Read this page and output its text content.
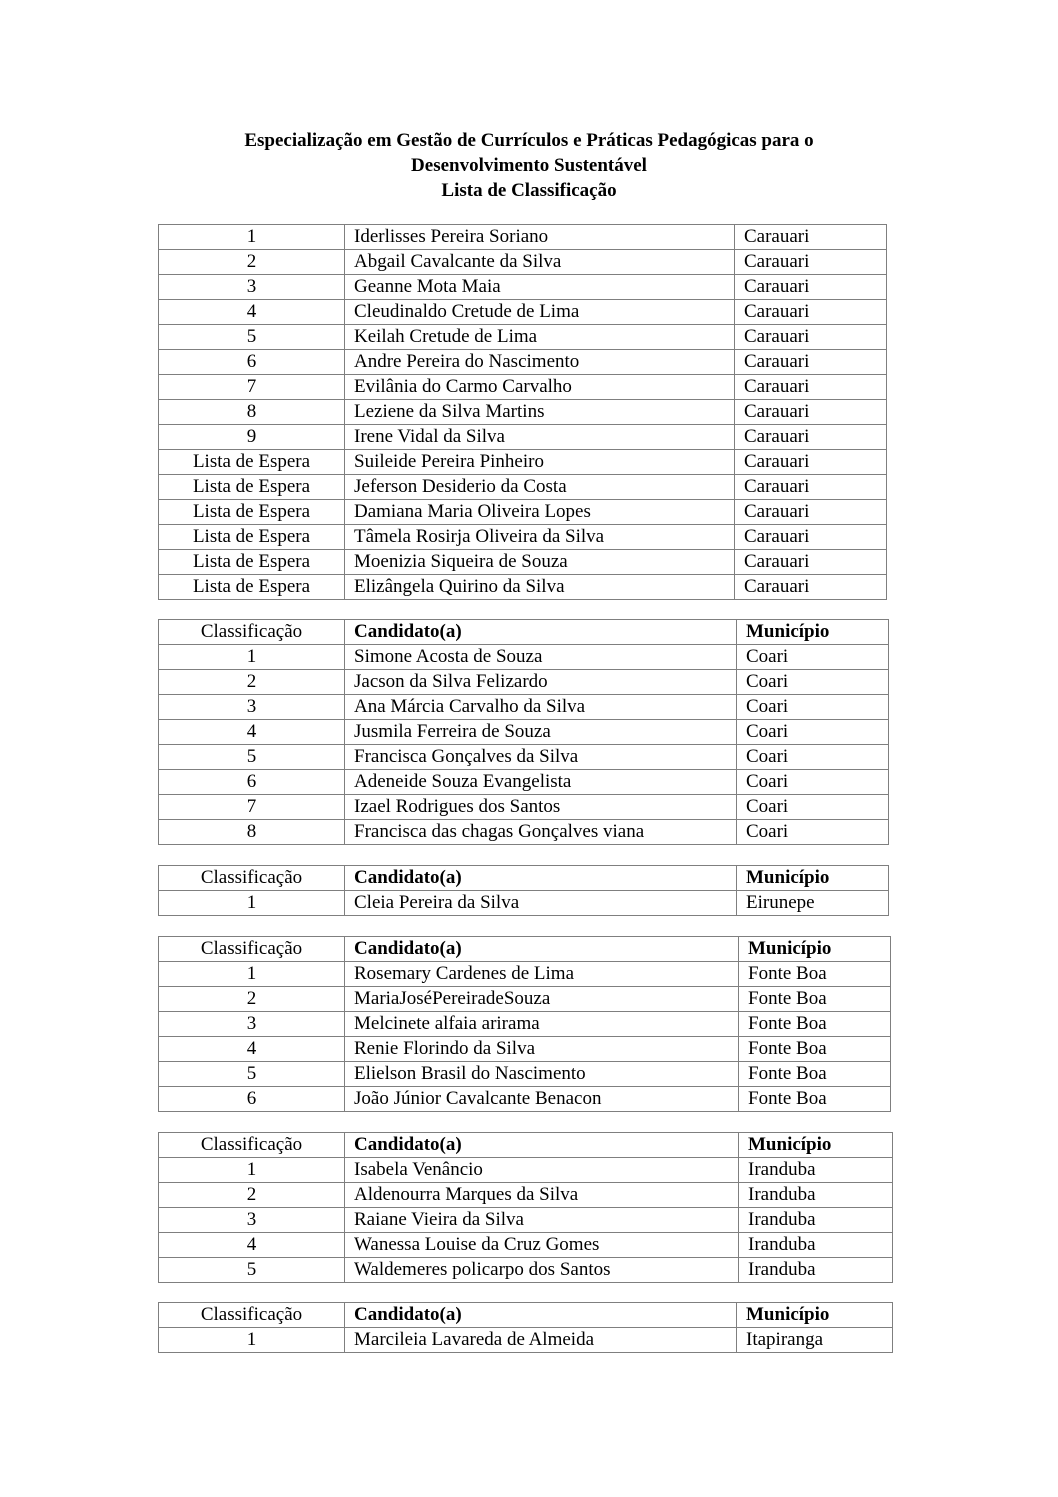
Especialização em Gestão de Currículos e Práticas Pedagógicas para o
Desenvolvimento Sustentável
Lista de Classificação
1	Iderlisses Pereira Soriano	Carauari
2	Abgail Cavalcante da Silva	Carauari
3	Geanne Mota Maia	Carauari
4	Cleudinaldo Cretude de Lima	Carauari
5	Keilah Cretude de Lima	Carauari
6	Andre Pereira do Nascimento	Carauari
7	Evilânia do Carmo Carvalho	Carauari
8	Leziene da Silva Martins	Carauari
9	Irene Vidal da Silva	Carauari
Lista de Espera	Suileide Pereira Pinheiro	Carauari
Lista de Espera	Jeferson Desiderio da Costa	Carauari
Lista de Espera	Damiana Maria Oliveira Lopes	Carauari
Lista de Espera	Tâmela Rosirja Oliveira da Silva	Carauari
Lista de Espera	Moenizia Siqueira de Souza	Carauari
Lista de Espera	Elizângela Quirino da Silva	Carauari
Classificação	Candidato(a)	Município
1	Simone Acosta de Souza	Coari
2	Jacson da Silva Felizardo	Coari
3	Ana Márcia Carvalho da Silva	Coari
4	Jusmila Ferreira de Souza	Coari
5	Francisca Gonçalves da Silva	Coari
6	Adeneide Souza Evangelista	Coari
7	Izael Rodrigues dos Santos	Coari
8	Francisca das chagas Gonçalves viana	Coari
Classificação	Candidato(a)	Município
1	Cleia Pereira da Silva	Eirunepe
Classificação	Candidato(a)	Município
1	Rosemary Cardenes de Lima	Fonte Boa
2	MariaJoséPereiradeSouza	Fonte Boa
3	Melcinete alfaia arirama	Fonte Boa
4	Renie Florindo da Silva	Fonte Boa
5	Elielson Brasil do Nascimento	Fonte Boa
6	João Júnior Cavalcante Benacon	Fonte Boa
Classificação	Candidato(a)	Município
1	Isabela Venâncio	Iranduba
2	Aldenourra Marques da Silva	Iranduba
3	Raiane Vieira da Silva	Iranduba
4	Wanessa Louise da Cruz Gomes	Iranduba
5	Waldemeres policarpo dos Santos	Iranduba
Classificação	Candidato(a)	Município
1	Marcileia Lavareda de Almeida	Itapiranga
